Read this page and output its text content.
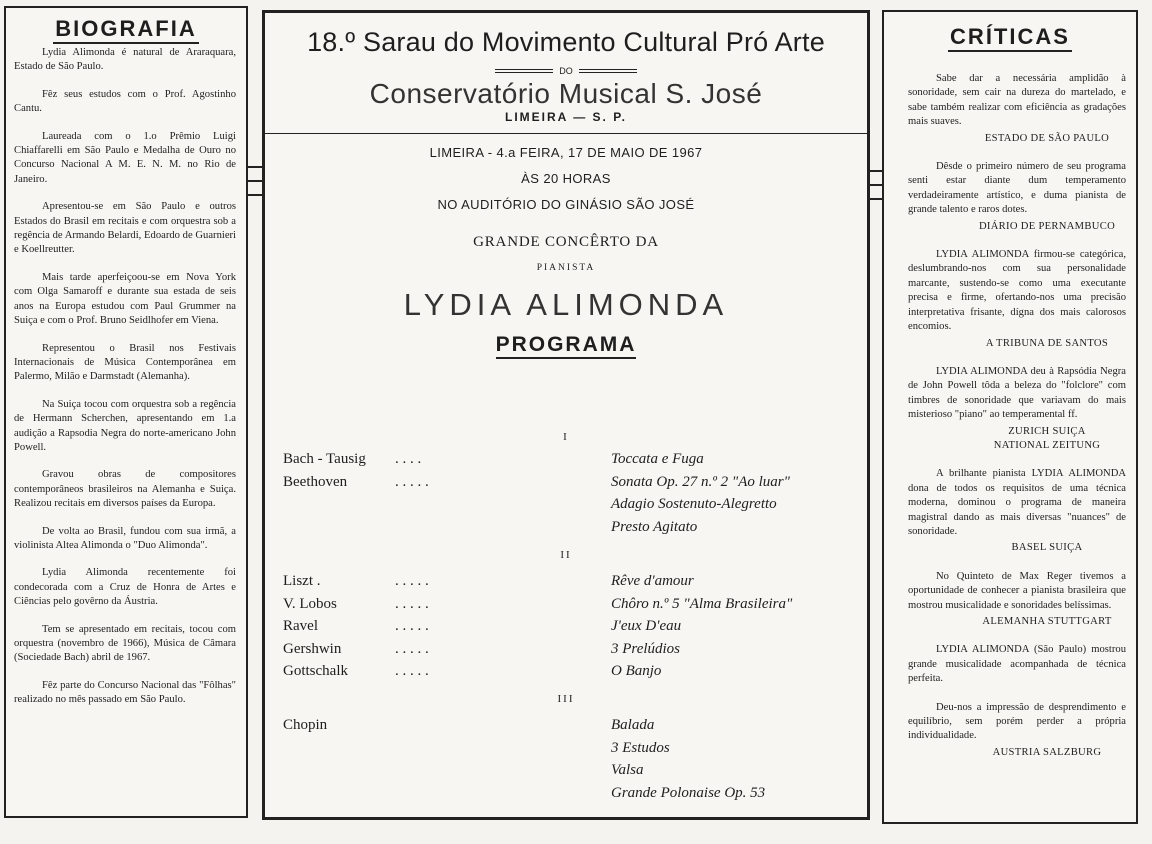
BIOGRAFIA

Lydia Alimonda é natural de Araraquara, Estado de São Paulo.

Fêz seus estudos com o Prof. Agostinho Cantu.

Laureada com o 1.o Prêmio Luigi Chiaffarelli em São Paulo e Medalha de Ouro no Concurso Nacional A M. E. N. M. no Rio de Janeiro.

Apresentou-se em São Paulo e outros Estados do Brasil em recitais e com orquestra sob a regência de Armando Belardi, Edoardo de Guarnieri e Koellreutter.

Mais tarde aperfeiçoou-se em Nova York com Olga Samaroff e durante sua estada de seis anos na Europa estudou com Paul Grummer na Suiça e com o Prof. Bruno Seidlhofer em Viena.

Representou o Brasil nos Festivais Internacionais de Música Contemporânea em Palermo, Milão e Darmstadt (Alemanha).

Na Suiça tocou com orquestra sob a regência de Hermann Scherchen, apresentando em 1.a audição a Rapsodia Negra do norte-americano John Powell.

Gravou obras de compositores contemporâneos brasileiros na Alemanha e Suiça. Realizou recitais em diversos países da Europa.

De volta ao Brasil, fundou com sua irmã, a violinista Altea Alimonda o "Duo Alimonda".

Lydia Alimonda recentemente foi condecorada com a Cruz de Honra de Artes e Ciências pelo govêrno da Áustria.

Tem se apresentado em recitais, tocou com orquestra (novembro de 1966), Música de Câmara (Sociedade Bach) abril de 1967.

Fêz parte do Concurso Nacional das "Fôlhas" realizado no mês passado em São Paulo.

18.º Sarau do Movimento Cultural Pró Arte
DO
Conservatório Musical S. José
LIMEIRA — S. P.
LIMEIRA - 4.a FEIRA, 17 DE MAIO DE 1967
ÀS 20 HORAS
NO AUDITÓRIO DO GINÁSIO SÃO JOSÉ
GRANDE CONCÊRTO DA
PIANISTA
LYDIA ALIMONDA
PROGRAMA
I
Bach - Tausig . . . .	Toccata e Fuga
Beethoven	. . . . .	Sonata Op. 27 n.º 2 "Ao luar"
Adagio Sostenuto-Alegretto
Presto Agitato
II
Liszt .	. . . . .	Rêve d'amour
V. Lobos	. . . . .	Chôro n.º 5 "Alma Brasileira"
Ravel	. . . . .	J'eux D'eau
Gershwin	. . . . .	3 Prelúdios
Gottschalk	. . . . .	O Banjo
III
Chopin	Balada
3 Estudos
Valsa
Grande Polonaise Op. 53
CRÍTICAS

Sabe dar a necessária amplidão à sonoridade, sem cair na dureza do martelado, e sabe também realizar com eficiência as gradações mais suaves.

ESTADO DE SÃO PAULO

Dêsde o primeiro número de seu programa senti estar diante dum temperamento verdadeiramente artístico, e duma pianista de grande talento e raros dotes.

DIÁRIO DE PERNAMBUCO

LYDIA ALIMONDA firmou-se categórica, deslumbrando-nos com sua personalidade marcante, sustendo-se como uma executante precisa e firme, ofertando-nos uma precisão interpretativa frisante, dígna dos mais calorosos encomios.

A TRIBUNA DE SANTOS

LYDIA ALIMONDA deu à Rapsódia Negra de John Powell tôda a beleza do "folclore" com timbres de sonoridade que variavam do mais misterioso "piano" ao temperamental ff.

ZURICH SUIÇA
NATIONAL ZEITUNG

A brilhante pianista LYDIA ALIMONDA dona de todos os requisitos de uma técnica moderna, dominou o programa de maneira magistral dando as mais diversas "nuances" de sonoridade.

BASEL SUIÇA

No Quinteto de Max Reger tivemos a oportunidade de conhecer a pianista brasileira que mostrou musicalidade e sonoridades belíssimas.

ALEMANHA STUTTGART

LYDIA ALIMONDA (São Paulo) mostrou grande musicalidade acompanhada de técnica perfeita.

Deu-nos a impressão de desprendimento e equilíbrio, sem porém perder a própria individualidade.

AUSTRIA SALZBURG
